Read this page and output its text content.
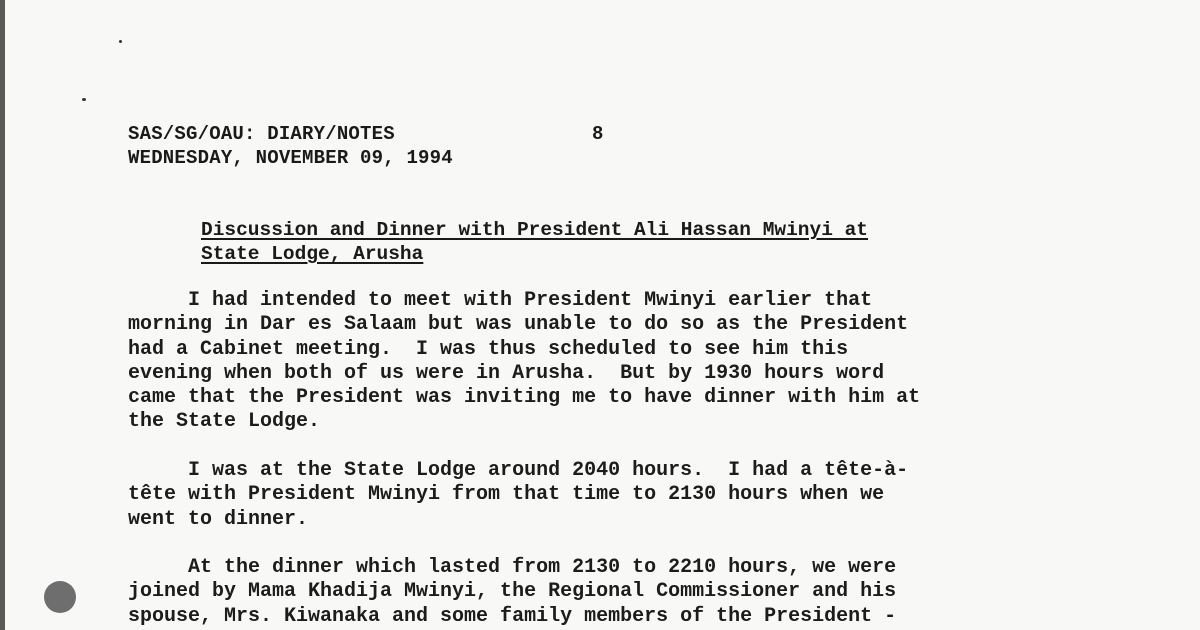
SAS/SG/OAU: DIARY/NOTES	8
WEDNESDAY, NOVEMBER 09, 1994
Discussion and Dinner with President Ali Hassan Mwinyi at
State Lodge, Arusha
I had intended to meet with President Mwinyi earlier that
morning in Dar es Salaam but was unable to do so as the President
had a Cabinet meeting.  I was thus scheduled to see him this
evening when both of us were in Arusha.  But by 1930 hours word
came that the President was inviting me to have dinner with him at
the State Lodge.
I was at the State Lodge around 2040 hours.  I had a tête-à-
tête with President Mwinyi from that time to 2130 hours when we
went to dinner.
At the dinner which lasted from 2130 to 2210 hours, we were
joined by Mama Khadija Mwinyi, the Regional Commissioner and his
spouse, Mrs. Kiwanaka and some family members of the President -
